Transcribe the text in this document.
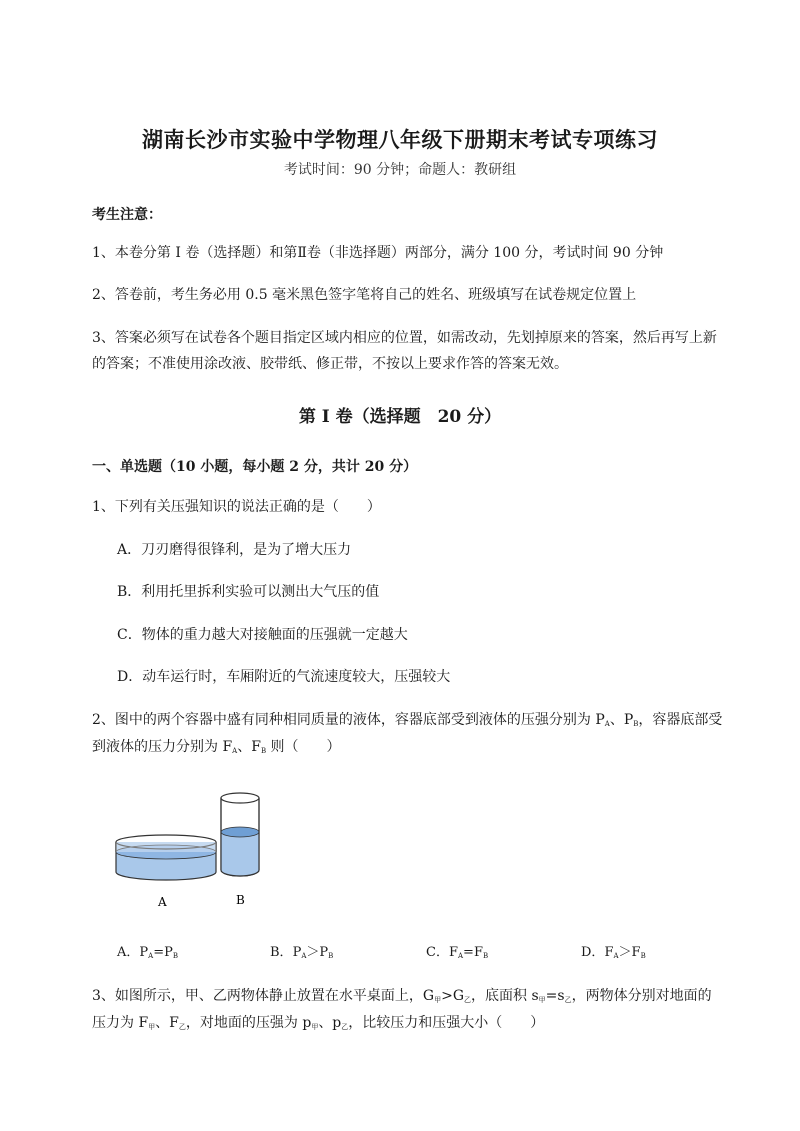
湖南长沙市实验中学物理八年级下册期末考试专项练习
考试时间：90 分钟；命题人：教研组
考生注意：
1、本卷分第 I 卷（选择题）和第Ⅱ卷（非选择题）两部分，满分 100 分，考试时间 90 分钟
2、答卷前，考生务必用 0.5 毫米黑色签字笔将自己的姓名、班级填写在试卷规定位置上
3、答案必须写在试卷各个题目指定区域内相应的位置，如需改动，先划掉原来的答案，然后再写上新的答案；不准使用涂改液、胶带纸、修正带，不按以上要求作答的答案无效。
第 I 卷（选择题　20 分）
一、单选题（10 小题，每小题 2 分，共计 20 分）
1、下列有关压强知识的说法正确的是（　　）
A．刀刃磨得很锋利，是为了增大压力
B．利用托里拆利实验可以测出大气压的值
C．物体的重力越大对接触面的压强就一定越大
D．动车运行时，车厢附近的气流速度较大，压强较大
2、图中的两个容器中盛有同种相同质量的液体，容器底部受到液体的压强分别为 $P_A$、$P_B$，容器底部受
到液体的压力分别为 $F_A$、$F_B$ 则（　　）
A	B
A．$P_A=P_B$	B．$P_A>P_B$	C．$F_A=F_B$	D．$F_A>F_B$
3、如图所示，甲、乙两物体静止放置在水平桌面上，$G_甲>G_乙$，底面积 $s_甲=s_乙$，两物体分别对地面的
压力为 $F_甲$、$F_乙$，对地面的压强为 $p_甲$、$p_乙$，比较压力和压强大小（　　）
